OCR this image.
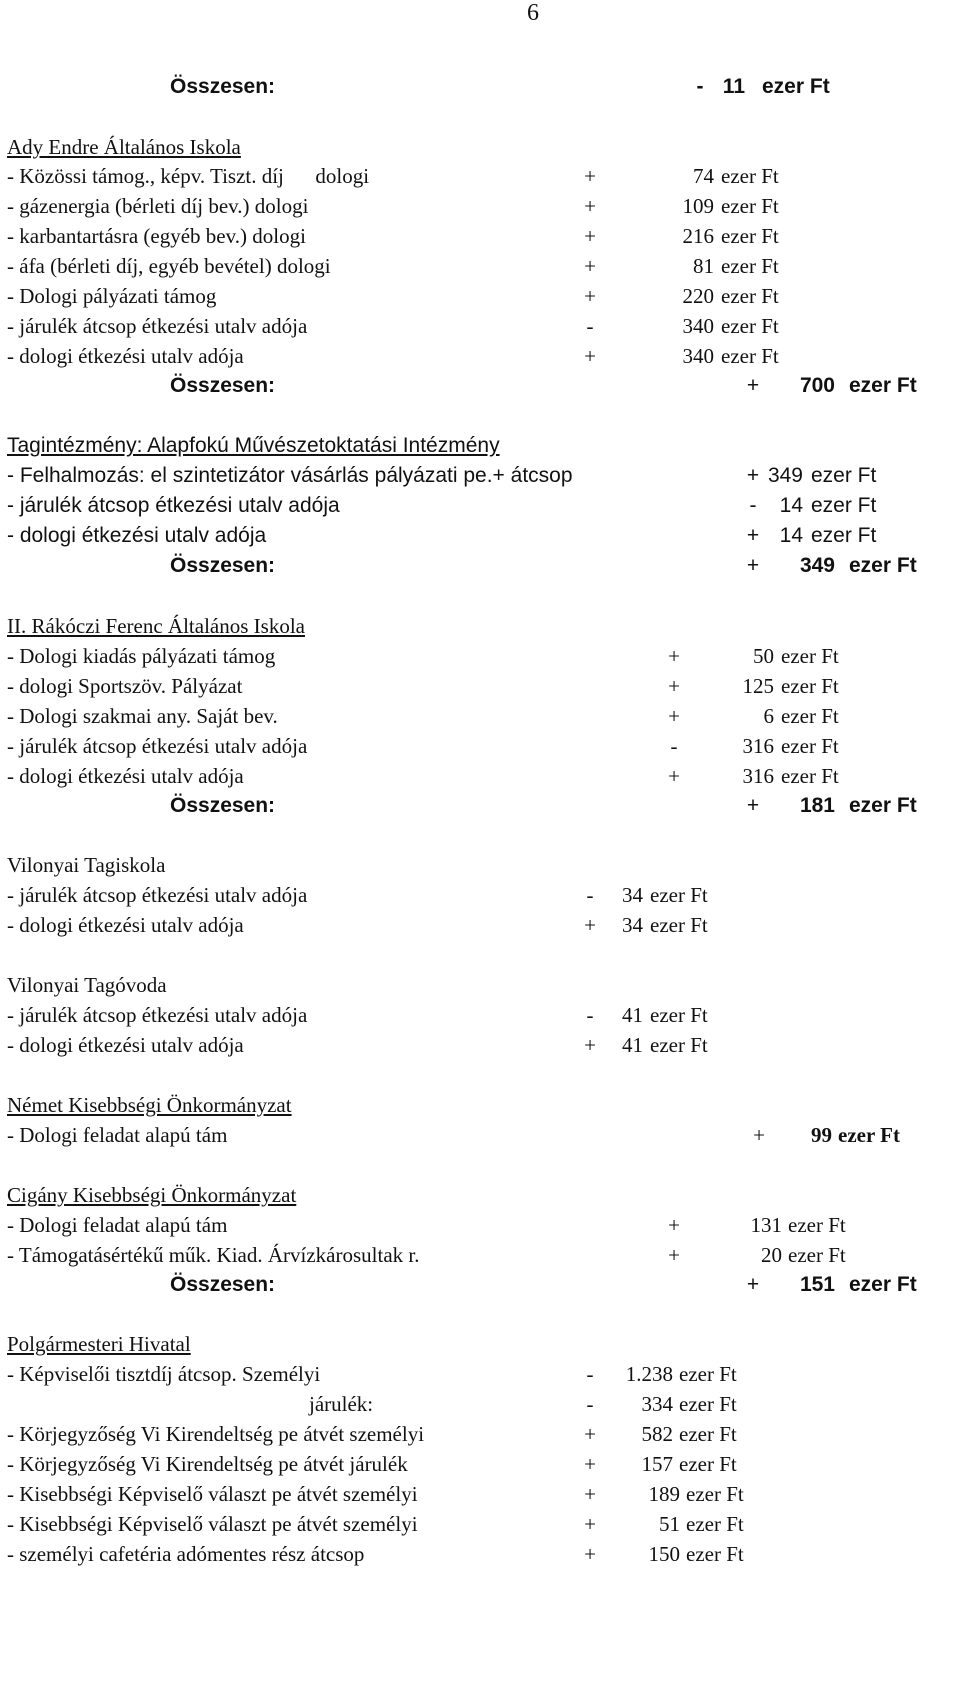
6
Összesen:	- 11 ezer Ft
Ady Endre Általános Iskola
- Közössi támog., képv. Tiszt. díj      dologi	+	74 ezer Ft
- gázenergia (bérleti díj bev.) dologi	+	109 ezer Ft
- karbantartásra (egyéb bev.) dologi	+	216 ezer Ft
- áfa (bérleti díj, egyéb bevétel) dologi	+	81 ezer Ft
- Dologi pályázati támog	+	220 ezer Ft
- járulék átcsop étkezési utalv adója	-	340 ezer Ft
- dologi étkezési utalv adója	+	340 ezer Ft
Összesen:	+ 700 ezer Ft
Tagintézmény: Alapfokú Művészetoktatási Intézmény
- Felhalmozás: el szintetizátor vásárlás pályázati pe.+ átcsop	+ 349 ezer Ft
- járulék átcsop étkezési utalv adója	-	14 ezer Ft
- dologi étkezési utalv adója	+ 14 ezer Ft
Összesen:	+ 349 ezer Ft
II. Rákóczi Ferenc Általános Iskola
- Dologi kiadás pályázati támog	+	50 ezer Ft
- dologi Sportszöv. Pályázat	+	125 ezer Ft
- Dologi szakmai any. Saját bev.	+	6 ezer Ft
- járulék átcsop étkezési utalv adója	-	316 ezer Ft
- dologi étkezési utalv adója	+	316 ezer Ft
Összesen:	+ 181 ezer Ft
Vilonyai Tagiskola
- járulék átcsop étkezési utalv adója	-	34 ezer Ft
- dologi étkezési utalv adója	+ 34 ezer Ft
Vilonyai Tagóvoda
- járulék átcsop étkezési utalv adója	-	41 ezer Ft
- dologi étkezési utalv adója	+ 41 ezer Ft
Német Kisebbségi Önkormányzat
- Dologi feladat alapú tám	+ 99 ezer Ft
Cigány Kisebbségi Önkormányzat
- Dologi feladat alapú tám	+	131 ezer Ft
- Támogatásértékű műk. Kiad. Árvízkárosultak r.	+	20 ezer Ft
Összesen:	+ 151 ezer Ft
Polgármesteri Hivatal
- Képviselői tisztdíj átcsop. Személyi	-	1.238 ezer Ft
járulék:	-	334 ezer Ft
- Körjegyzőség Vi Kirendeltség pe átvét személyi	+ 582 ezer Ft
- Körjegyzőség Vi Kirendeltség pe átvét járulék	+ 157 ezer Ft
- Kisebbségi Képviselő választ pe átvét személyi	+	189 ezer Ft
- Kisebbségi Képviselő választ pe átvét személyi	+	51 ezer Ft
- személyi cafetéria adómentes rész átcsop	+	150 ezer Ft
